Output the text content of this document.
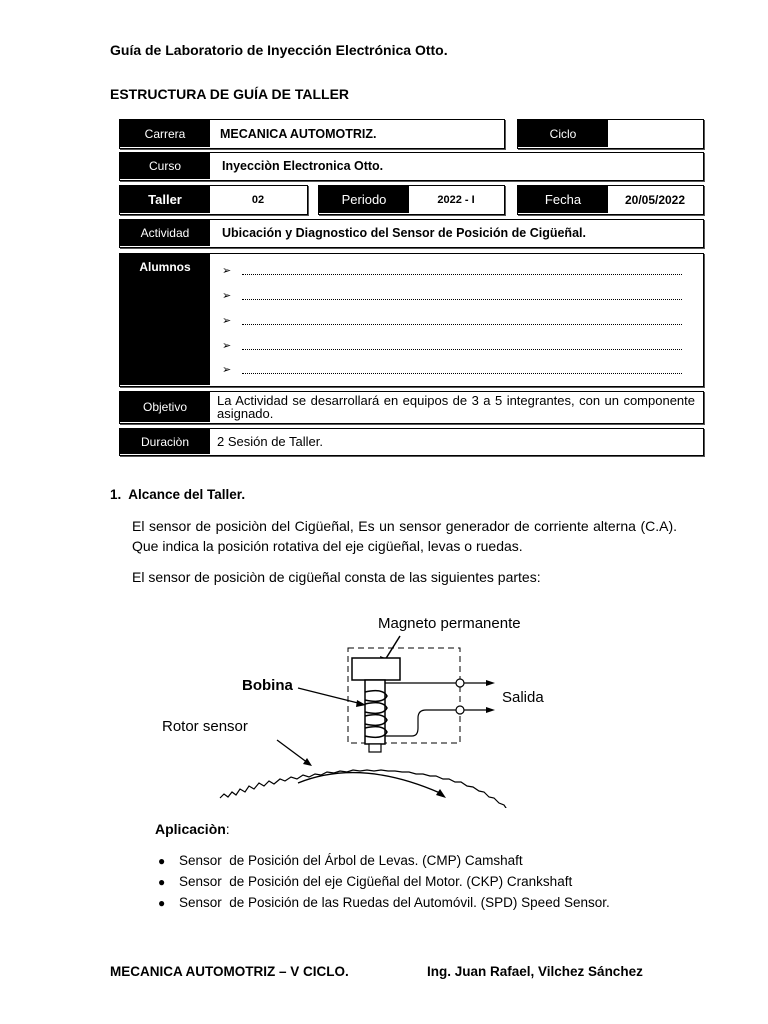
Guía de Laboratorio de Inyección Electrónica Otto.
ESTRUCTURA DE GUÍA DE TALLER
Carrera	MECANICA AUTOMOTRIZ.	Ciclo
Curso	Inyecciòn Electronica Otto.
Taller	02	Periodo	2022 - I	Fecha	20/05/2022
Actividad	Ubicación y Diagnostico del Sensor de Posición de Cigüeñal.
Alumnos	➢
➢
➢
➢
➢
Objetivo	La Actividad se desarrollará en equipos de 3 a 5 integrantes, con un componente asignado.
Duraciòn	2 Sesión de Taller.
1.  Alcance del Taller.
El sensor de posiciòn del Cigüeñal, Es un sensor generador de corriente alterna (C.A). Que indica la posición rotativa del eje cigüeñal, levas o ruedas.
El sensor de posiciòn de cigüeñal consta de las siguientes partes:
Magneto permanente
Salida
Bobina
Rotor sensor
Aplicaciòn:
●	Sensor  de Posición del Árbol de Levas. (CMP) Camshaft
●	Sensor  de Posición del eje Cigüeñal del Motor. (CKP) Crankshaft
●	Sensor  de Posición de las Ruedas del Automóvil. (SPD) Speed Sensor.
MECANICA AUTOMOTRIZ – V CICLO.	Ing. Juan Rafael, Vilchez Sánchez
